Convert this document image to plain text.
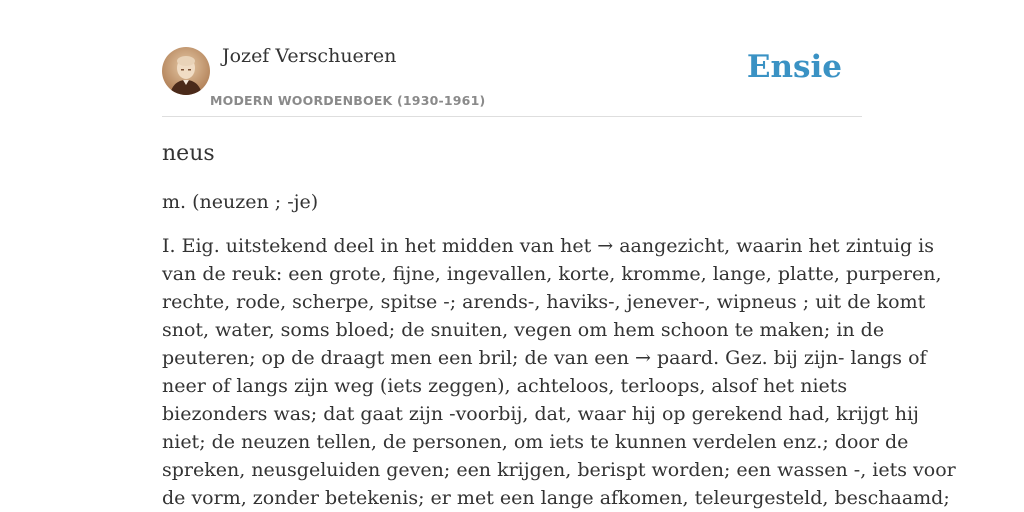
Jozef Verschueren
MODERN WOORDENBOEK (1930-1961)
Ensie
neus

m. (neuzen ; -je)

I. Eig. uitstekend deel in het midden van het → aangezicht, waarin het zintuig is
van de reuk: een grote, fijne, ingevallen, korte, kromme, lange, platte, purperen,
rechte, rode, scherpe, spitse -; arends-, haviks-, jenever-, wipneus ; uit de komt
snot, water, soms bloed; de snuiten, vegen om hem schoon te maken; in de
peuteren; op de draagt men een bril; de van een → paard. Gez. bij zijn- langs of
neer of langs zijn weg (iets zeggen), achteloos, terloops, alsof het niets
biezonders was; dat gaat zijn -voorbij, dat, waar hij op gerekend had, krijgt hij
niet; de neuzen tellen, de personen, om iets te kunnen verdelen enz.; door de
spreken, neusgeluiden geven; een krijgen, berispt worden; een wassen -, iets voor
de vorm, zonder betekenis; er met een lange afkomen, teleurgesteld, beschaamd;
